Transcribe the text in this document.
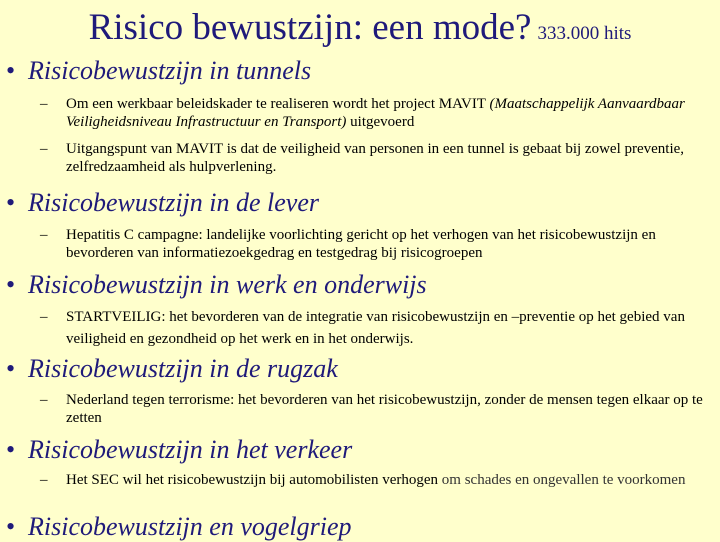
Risico bewustzijn: een mode? 333.000 hits
• Risicobewustzijn in tunnels
–	Om een werkbaar beleidskader te realiseren wordt het project MAVIT (Maatschappelijk Aanvaardbaar Veiligheidsniveau Infrastructuur en Transport) uitgevoerd
–	Uitgangspunt van MAVIT is dat de veiligheid van personen in een tunnel is gebaat bij zowel preventie, zelfredzaamheid als hulpverlening.
• Risicobewustzijn in de lever
–	Hepatitis C campagne: landelijke voorlichting gericht op het verhogen van het risicobewustzijn en bevorderen van informatiezoekgedrag en testgedrag bij risicogroepen
• Risicobewustzijn in werk en onderwijs
–	STARTVEILIG: het bevorderen van de integratie van risicobewustzijn en –preventie op het gebied van veiligheid en gezondheid op het werk en in het onderwijs.
• Risicobewustzijn in de rugzak
–	Nederland tegen terrorisme: het bevorderen van het risicobewustzijn, zonder de mensen tegen elkaar op te zetten
• Risicobewustzijn in het verkeer
–	Het SEC wil het risicobewustzijn bij automobilisten verhogen om schades en ongevallen te voorkomen
• Risicobewustzijn en vogelgriep
